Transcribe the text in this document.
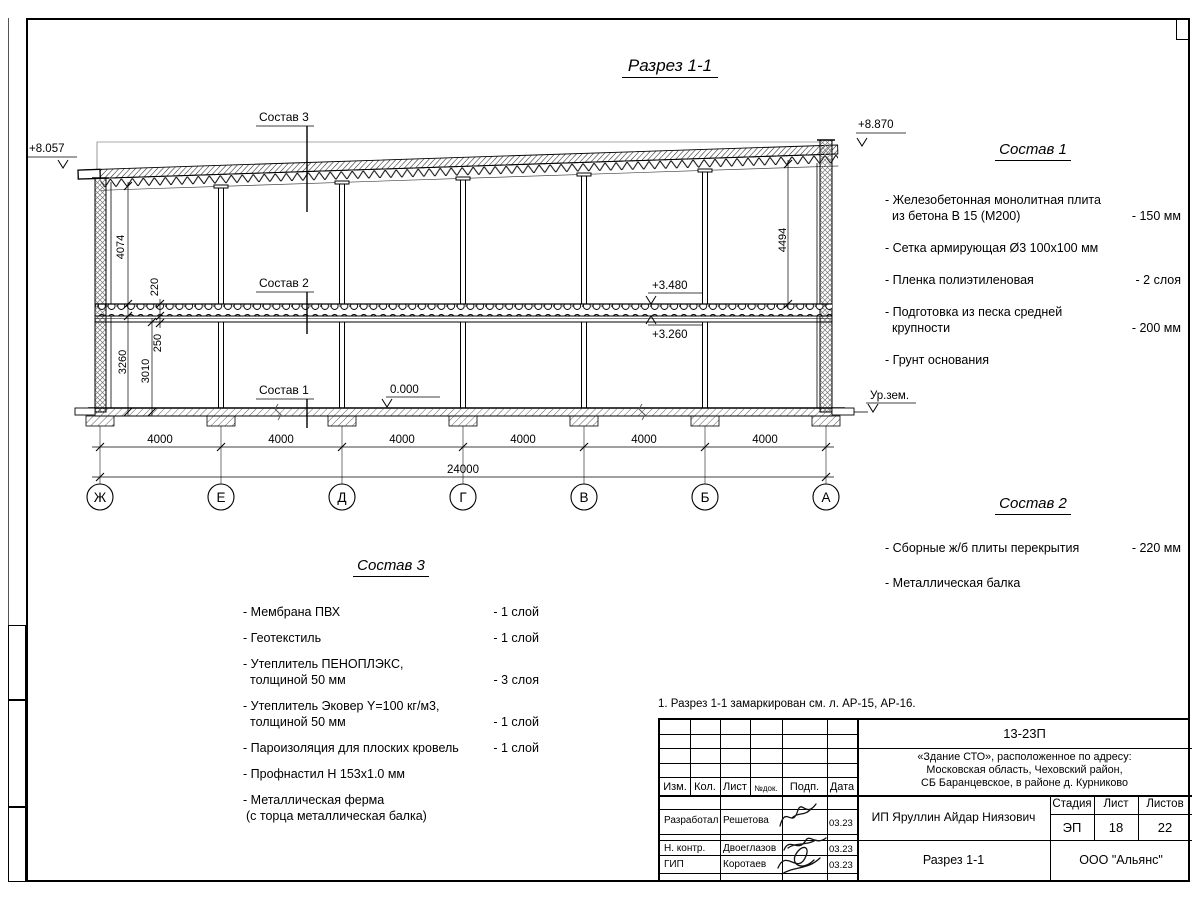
Разрез 1-1
4074
220
250
3260 3010
4494
+8.057
+8.870
+3.480
+3.260
0.000	Ур.зем.
Состав 3
Состав 2
Состав 1
4000	4000	4000	4000	4000	4000
24000
Ж	Е	Д	Г	В	Б	А
Состав 1
- Железобетонная монолитная плита
из бетона В 15 (М200)	- 150 мм
- Сетка армирующая Ø3 100х100 мм
- Пленка полиэтиленовая	- 2 слоя
- Подготовка из песка средней
крупности	- 200 мм
- Грунт основания
Состав 2
- Сборные ж/б плиты перекрытия	- 220 мм
- Металлическая балка
Состав 3
- Мембрана ПВХ	- 1 слой
- Геотекстиль	- 1 слой
- Утеплитель ПЕНОПЛЭКС,
толщиной 50 мм	- 3 слоя
- Утеплитель Эковер Y=100 кг/м3,
толщиной 50 мм	- 1 слой
- Пароизоляция для плоских кровель	- 1 слой
- Профнастил Н 153х1.0 мм
- Металлическая ферма
(с торца металлическая балка)
1. Разрез 1-1 замаркирован см. л. АР-15, АР-16.
Изм. Кол. Лист №док.	Подп. Дата
Разработал Решетова	03.23
Н. контр. Двоеглазов	03.23
ГИП	Коротаев	03.23
13-23П
«Здание СТО», расположенное по адресу:
Московская область, Чеховский район,
СБ Баранцевское, в районе д. Курниково
ИП Яруллин Айдар Ниязович
Разрез 1-1
Стадия	Лист	Листов
ЭП	18	22
ООО "Альянс"
